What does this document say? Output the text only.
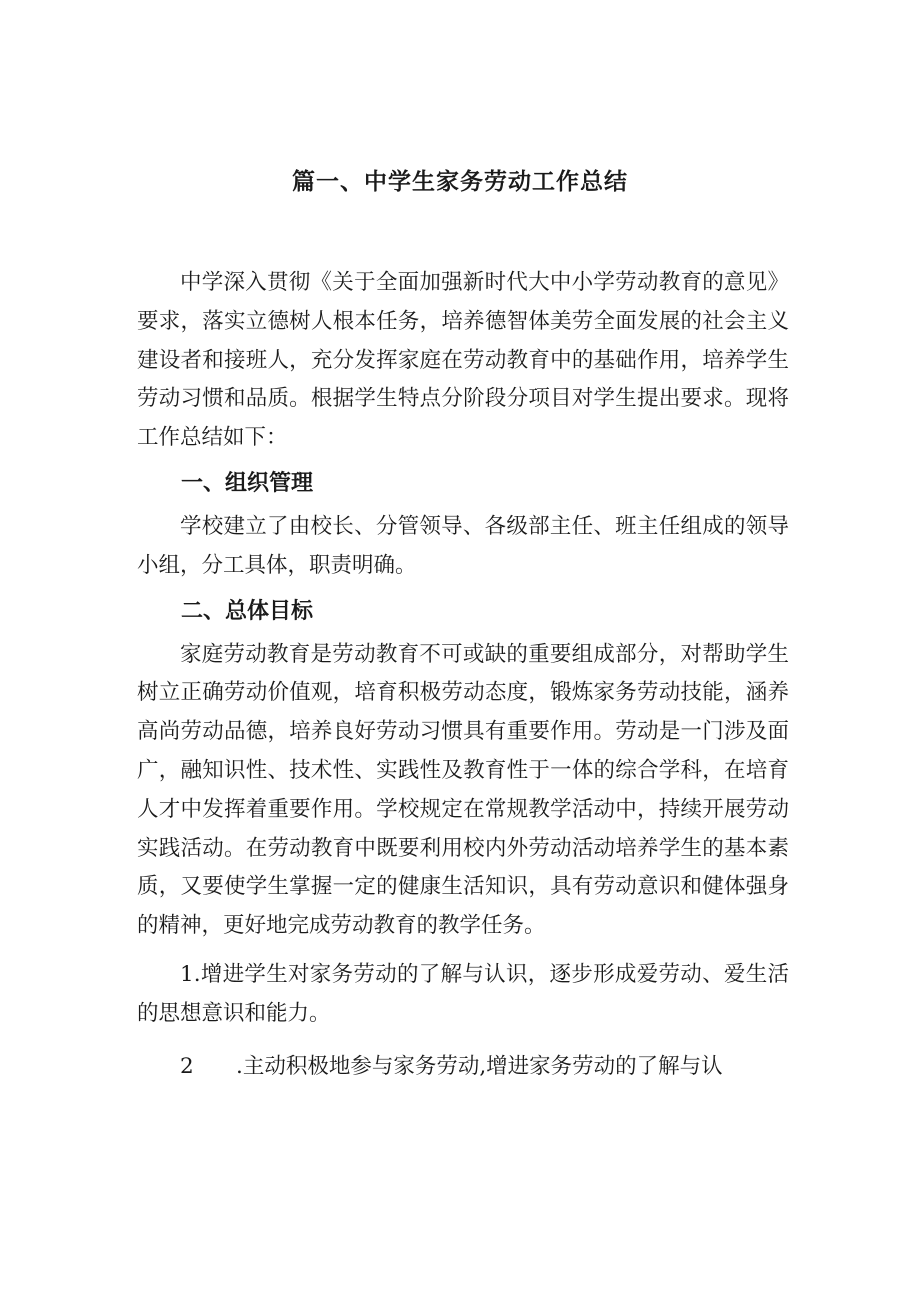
篇一、中学生家务劳动工作总结

中学深入贯彻《关于全面加强新时代大中小学劳动教育的意见》要求，落实立德树人根本任务，培养德智体美劳全面发展的社会主义建设者和接班人，充分发挥家庭在劳动教育中的基础作用，培养学生劳动习惯和品质。根据学生特点分阶段分项目对学生提出要求。现将工作总结如下：

一、组织管理

学校建立了由校长、分管领导、各级部主任、班主任组成的领导小组，分工具体，职责明确。

二、总体目标

家庭劳动教育是劳动教育不可或缺的重要组成部分，对帮助学生树立正确劳动价值观，培育积极劳动态度，锻炼家务劳动技能，涵养高尚劳动品德，培养良好劳动习惯具有重要作用。劳动是一门涉及面广，融知识性、技术性、实践性及教育性于一体的综合学科，在培育人才中发挥着重要作用。学校规定在常规教学活动中，持续开展劳动实践活动。在劳动教育中既要利用校内外劳动活动培养学生的基本素质，又要使学生掌握一定的健康生活知识，具有劳动意识和健体强身的精神，更好地完成劳动教育的教学任务。

1.增进学生对家务劳动的了解与认识，逐步形成爱劳动、爱生活的思想意识和能力。

2 .主动积极地参与家务劳动,增进家务劳动的了解与认
